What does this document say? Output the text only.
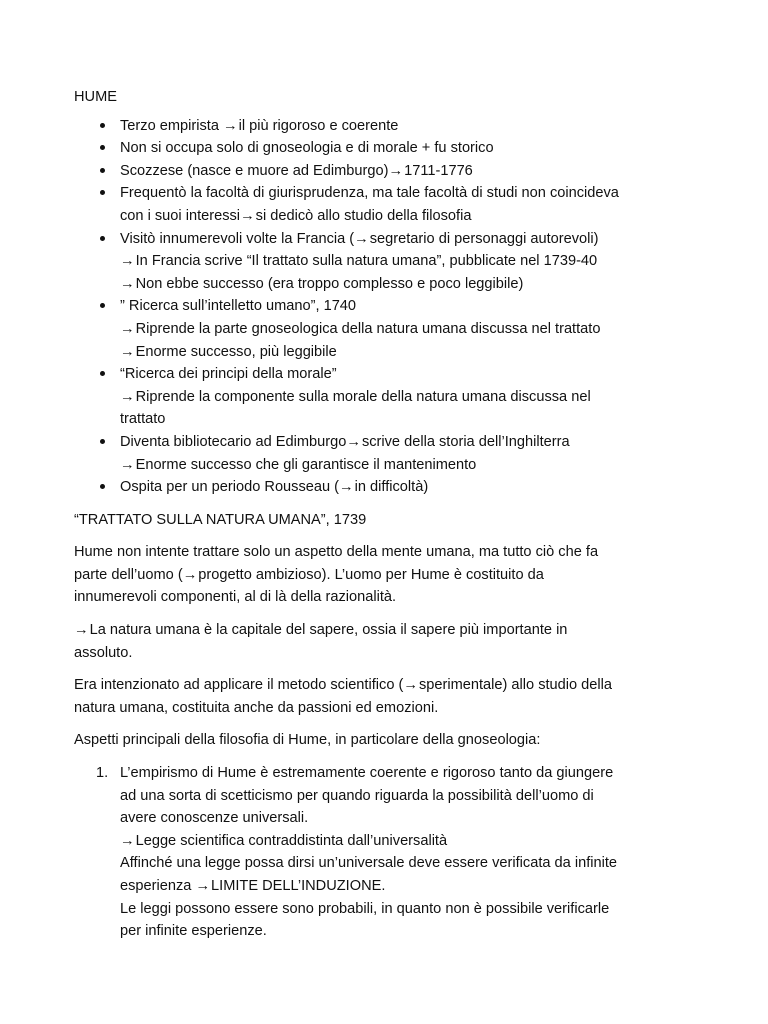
HUME
Terzo empirista →il più rigoroso e coerente
Non si occupa solo di gnoseologia e di morale + fu storico
Scozzese (nasce e muore ad Edimburgo)→1711-1776
Frequentò la facoltà di giurisprudenza, ma tale facoltà di studi non coincideva
con i suoi interessi→si dedicò allo studio della filosofia
Visitò innumerevoli volte la Francia (→segretario di personaggi autorevoli)
→In Francia scrive “Il trattato sulla natura umana”, pubblicate nel 1739-40
→Non ebbe successo (era troppo complesso e poco leggibile)
” Ricerca sull’intelletto umano”, 1740
→Riprende la parte gnoseologica della natura umana discussa nel trattato
→Enorme successo, più leggibile
“Ricerca dei principi della morale”
→Riprende la componente sulla morale della natura umana discussa nel
trattato
Diventa bibliotecario ad Edimburgo→scrive della storia dell’Inghilterra
→Enorme successo che gli garantisce il mantenimento
Ospita per un periodo Rousseau (→in difficoltà)
“TRATTATO SULLA NATURA UMANA”, 1739

Hume non intente trattare solo un aspetto della mente umana, ma tutto ciò che fa
parte dell’uomo (→progetto ambizioso). L’uomo per Hume è costituito da
innumerevoli componenti, al di là della razionalità.

→La natura umana è la capitale del sapere, ossia il sapere più importante in
assoluto.

Era intenzionato ad applicare il metodo scientifico (→sperimentale) allo studio della
natura umana, costituita anche da passioni ed emozioni.

Aspetti principali della filosofia di Hume, in particolare della gnoseologia:

1. L’empirismo di Hume è estremamente coerente e rigoroso tanto da giungere
ad una sorta di scetticismo per quando riguarda la possibilità dell’uomo di
avere conoscenze universali.
→Legge scientifica contraddistinta dall’universalità
Affinché una legge possa dirsi un’universale deve essere verificata da infinite
esperienza →LIMITE DELL’INDUZIONE.
Le leggi possono essere sono probabili, in quanto non è possibile verificarle
per infinite esperienze.
